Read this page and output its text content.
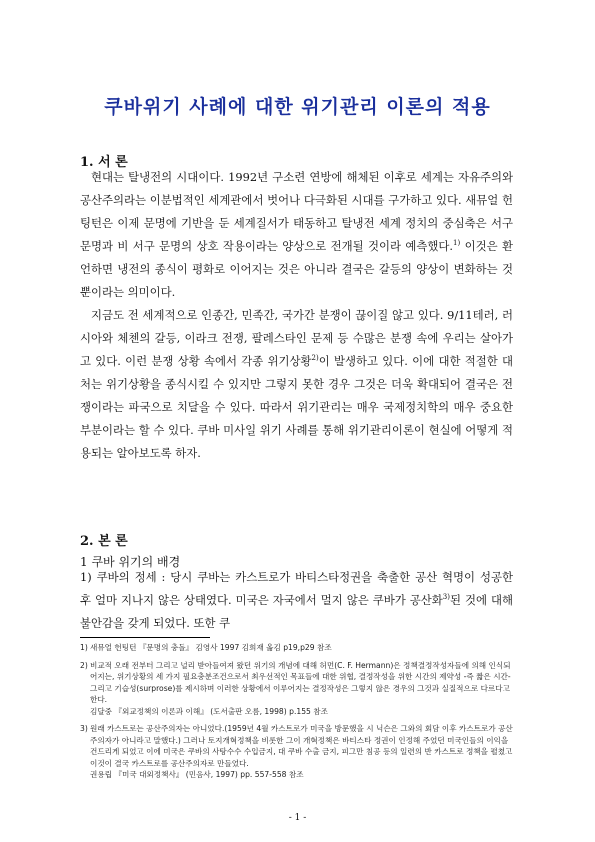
쿠바위기 사례에 대한 위기관리 이론의 적용
1. 서 론

현대는 탈냉전의 시대이다. 1992년 구소련 연방에 해체된 이후로 세계는 자유주의와 공산주의라는 이분법적인 세계관에서 벗어나 다극화된 시대를 구가하고 있다. 새뮤얼 헌팅턴은 이제 문명에 기반을 둔 세계질서가 태동하고 탈냉전 세계 정치의 중심축은 서구 문명과 비 서구 문명의 상호 작용이라는 양상으로 전개될 것이라 예측했다.$^{1)}$ 이것은 환언하면 냉전의 종식이 평화로 이어지는 것은 아니라 결국은 갈등의 양상이 변화하는 것뿐이라는 의미이다.

지금도 전 세계적으로 인종간, 민족간, 국가간 분쟁이 끊이질 않고 있다. 9/11테러, 러시아와 체첸의 갈등, 이라크 전쟁, 팔레스타인 문제 등 수많은 분쟁 속에 우리는 살아가고 있다. 이런 분쟁 상황 속에서 각종 위기상황$^{2)}$이 발생하고 있다. 이에 대한 적절한 대처는 위기상황을 종식시킬 수 있지만 그렇지 못한 경우 그것은 더욱 확대되어 결국은 전쟁이라는 파국으로 치달을 수 있다. 따라서 위기관리는 매우 국제정치학의 매우 중요한 부분이라는 할 수 있다. 쿠바 미사일 위기 사례를 통해 위기관리이론이 현실에 어떻게 적용되는 알아보도록 하자.

2. 본 론
1 쿠바 위기의 배경

1) 쿠바의 정세 : 당시 쿠바는 카스트로가 바티스타정권을 축출한 공산 혁명이 성공한 후 얼마 지나지 않은 상태였다. 미국은 자국에서 멀지 않은 쿠바가 공산화$^{3)}$된 것에 대해 불안감을 갖게 되었다. 또한 쿠

1) 새뮤얼 헌팅턴 『문명의 충돌』 김영사 1997 김희재 옮김 p19,p29 참조
2) 비교적 오래 전부터 그리고 널리 받아들여져 왔던 위기의 개념에 대해 허먼(C. F. Hermann)은 정책결정작성자들에 의해 인식되어지는, 위기상황의 세 가지 필요충분조건으로서 최우선적인 목표들에 대한 위협, 결정작성을 위한 시간의 제약성 -즉 짧은 시간- 그리고 기습성(surprose)를 제시하며 이러한 상황에서 이루어지는 결정작성은 그렇지 않은 경우의 그것과 실질적으로 다르다고 한다.
김달중 『외교정책의 이론과 이해』 (도서출판 오름, 1998) p.155 참조
3) 원래 카스트로는 공산주의자는 아니었다.(1959년 4월 카스트로가 미국을 방문했을 시 닉슨은 그와의 회담 이후 카스트로가 공산주의자가 아니라고 말했다.) 그러나 토지개혁정책을 비롯한 그이 개혁정책은 바티스타 정권이 인정해 주었던 미국인들의 이익을 건드리게 되었고 이에 미국은 쿠바의 사탕수수 수입금지, 대 쿠바 수출 금지, 피그만 침공 등의 일련의 반 카스트로 정책을 펼쳤고 이것이 결국 카스트로를 공산주의자로 만들었다.
권용립 『미국 대외정책사』 (민음사, 1997) pp. 557-558 참조
- 1 -
